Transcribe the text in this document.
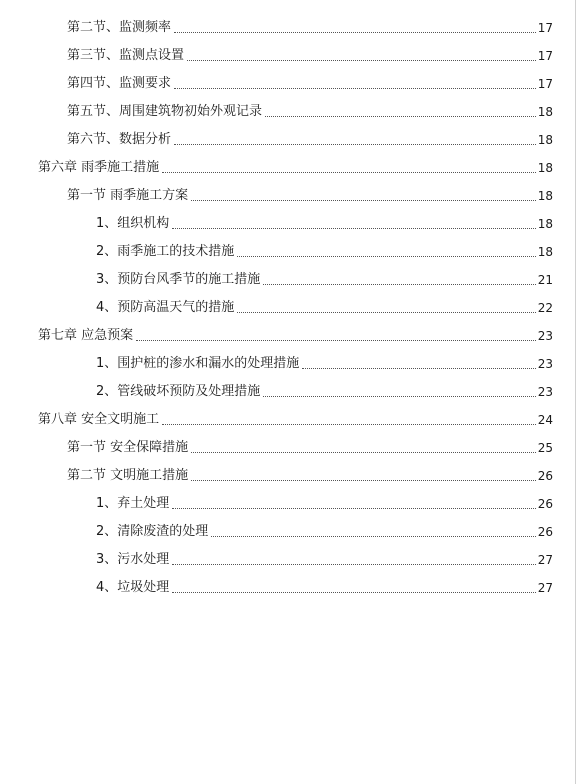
第二节、监测频率	17
第三节、监测点设置	17
第四节、监测要求	17
第五节、周围建筑物初始外观记录	18
第六节、数据分析	18
第六章 雨季施工措施	18
第一节 雨季施工方案	18
1、组织机构	18
2、雨季施工的技术措施	18
3、预防台风季节的施工措施	21
4、预防高温天气的措施	22
第七章 应急预案	23
1、围护桩的渗水和漏水的处理措施	23
2、管线破坏预防及处理措施	23
第八章 安全文明施工	24
第一节 安全保障措施	25
第二节 文明施工措施	26
1、弃土处理	26
2、清除废渣的处理	26
3、污水处理	27
4、垃圾处理	27
